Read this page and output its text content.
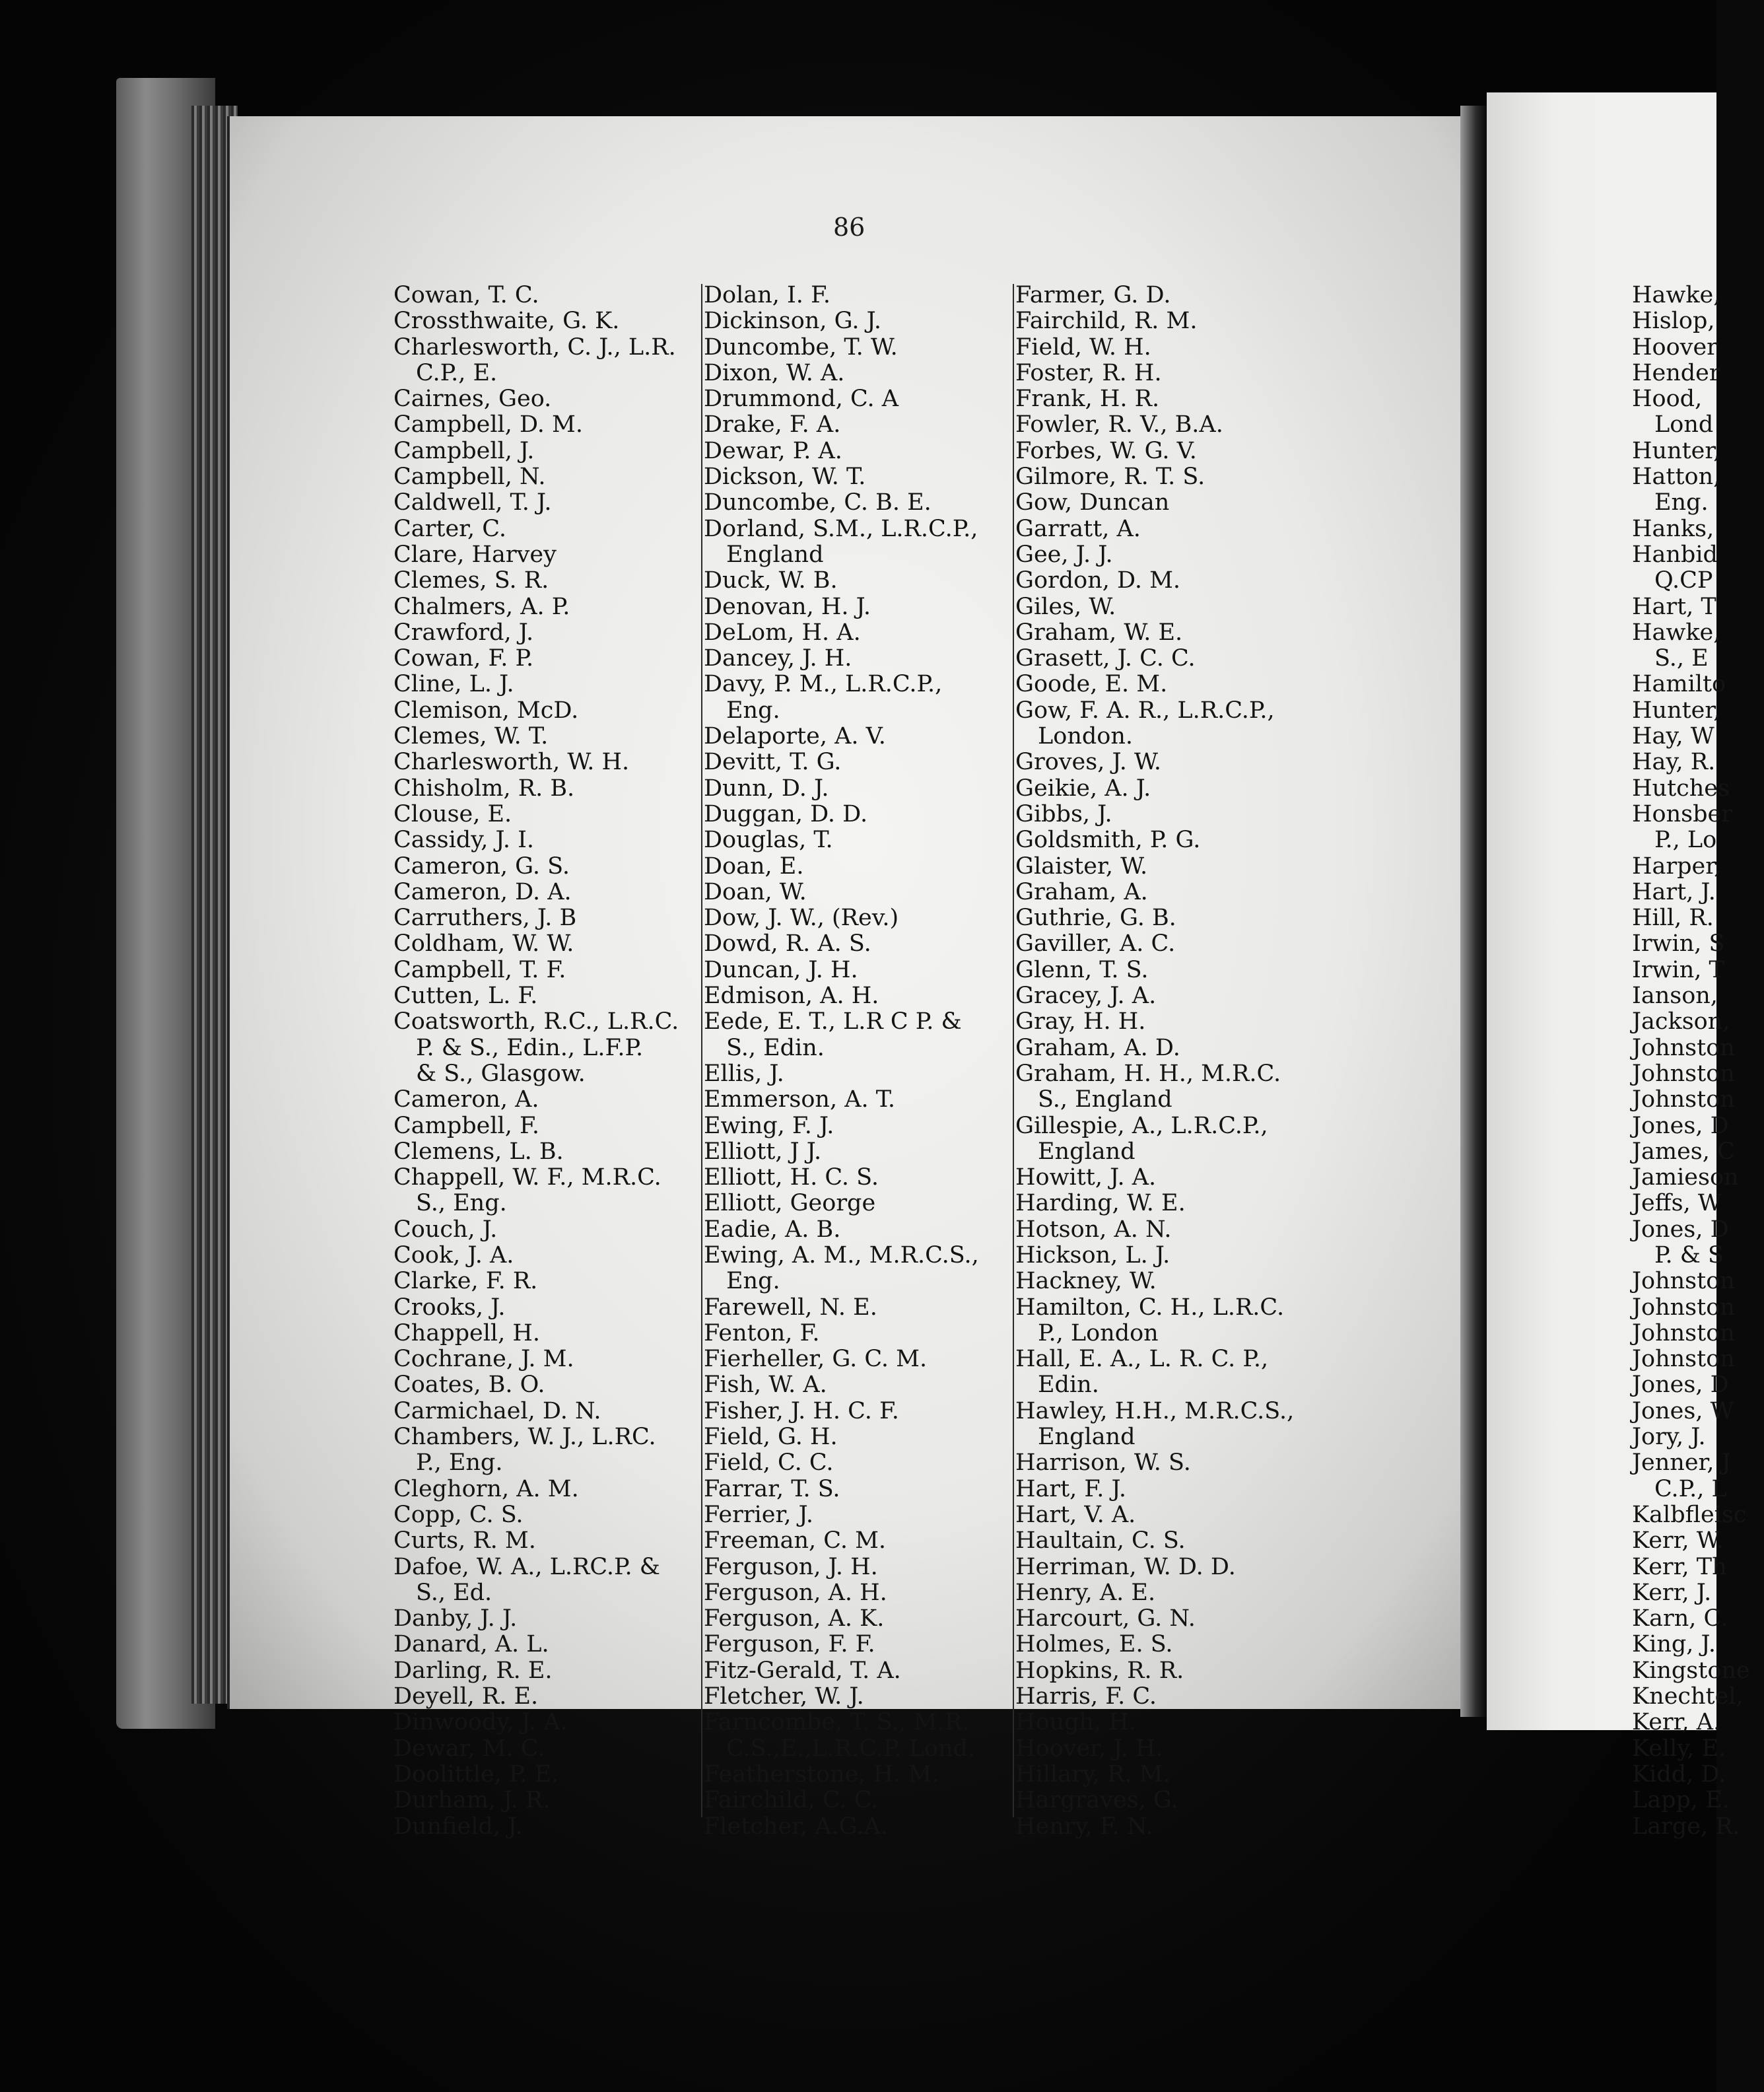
86
Cowan, T. C.
Crossthwaite, G. K.
Charlesworth, C. J., L.R.
C.P., E.
Cairnes, Geo.
Campbell, D. M.
Campbell, J.
Campbell, N.
Caldwell, T. J.
Carter, C.
Clare, Harvey
Clemes, S. R.
Chalmers, A. P.
Crawford, J.
Cowan, F. P.
Cline, L. J.
Clemison, McD.
Clemes, W. T.
Charlesworth, W. H.
Chisholm, R. B.
Clouse, E.
Cassidy, J. I.
Cameron, G. S.
Cameron, D. A.
Carruthers, J. B
Coldham, W. W.
Campbell, T. F.
Cutten, L. F.
Coatsworth, R.C., L.R.C.
P. & S., Edin., L.F.P.
& S., Glasgow.
Cameron, A.
Campbell, F.
Clemens, L. B.
Chappell, W. F., M.R.C.
S., Eng.
Couch, J.
Cook, J. A.
Clarke, F. R.
Crooks, J.
Chappell, H.
Cochrane, J. M.
Coates, B. O.
Carmichael, D. N.
Chambers, W. J., L.RC.
P., Eng.
Cleghorn, A. M.
Copp, C. S.
Curts, R. M.
Dafoe, W. A., L.RC.P. &
S., Ed.
Danby, J. J.
Danard, A. L.
Darling, R. E.
Deyell, R. E.
Dinwoody, J. A.
Dewar, M. C.
Doolittle, P. E.
Durham, J. R.
Dunfield, J.
Dolan, I. F.
Dickinson, G. J.
Duncombe, T. W.
Dixon, W. A.
Drummond, C. A
Drake, F. A.
Dewar, P. A.
Dickson, W. T.
Duncombe, C. B. E.
Dorland, S.M., L.R.C.P.,
England
Duck, W. B.
Denovan, H. J.
DeLom, H. A.
Dancey, J. H.
Davy, P. M., L.R.C.P.,
Eng.
Delaporte, A. V.
Devitt, T. G.
Dunn, D. J.
Duggan, D. D.
Douglas, T.
Doan, E.
Doan, W.
Dow, J. W., (Rev.)
Dowd, R. A. S.
Duncan, J. H.
Edmison, A. H.
Eede, E. T., L.R C P. &
S., Edin.
Ellis, J.
Emmerson, A. T.
Ewing, F. J.
Elliott, J J.
Elliott, H. C. S.
Elliott, George
Eadie, A. B.
Ewing, A. M., M.R.C.S.,
Eng.
Farewell, N. E.
Fenton, F.
Fierheller, G. C. M.
Fish, W. A.
Fisher, J. H. C. F.
Field, G. H.
Field, C. C.
Farrar, T. S.
Ferrier, J.
Freeman, C. M.
Ferguson, J. H.
Ferguson, A. H.
Ferguson, A. K.
Ferguson, F. F.
Fitz-Gerald, T. A.
Fletcher, W. J.
Farncombe, T. S., M.R.
C.S.,E.,L.R.C.P. Lond.
Featherstone, H. M.
Fairchild, C. C.
Fletcher, A.G.A.
Farmer, G. D.
Fairchild, R. M.
Field, W. H.
Foster, R. H.
Frank, H. R.
Fowler, R. V., B.A.
Forbes, W. G. V.
Gilmore, R. T. S.
Gow, Duncan
Garratt, A.
Gee, J. J.
Gordon, D. M.
Giles, W.
Graham, W. E.
Grasett, J. C. C.
Goode, E. M.
Gow, F. A. R., L.R.C.P.,
London.
Groves, J. W.
Geikie, A. J.
Gibbs, J.
Goldsmith, P. G.
Glaister, W.
Graham, A.
Guthrie, G. B.
Gaviller, A. C.
Glenn, T. S.
Gracey, J. A.
Gray, H. H.
Graham, A. D.
Graham, H. H., M.R.C.
S., England
Gillespie, A., L.R.C.P.,
England
Howitt, J. A.
Harding, W. E.
Hotson, A. N.
Hickson, L. J.
Hackney, W.
Hamilton, C. H., L.R.C.
P., London
Hall, E. A., L. R. C. P.,
Edin.
Hawley, H.H., M.R.C.S.,
England
Harrison, W. S.
Hart, F. J.
Hart, V. A.
Haultain, C. S.
Herriman, W. D. D.
Henry, A. E.
Harcourt, G. N.
Holmes, E. S.
Hopkins, R. R.
Harris, F. C.
Hough, H.
Hoover, J. H.
Hillary, R. M.
Hargraves, G.
Henry, F. N.
Hawke,
Hislop,
Hoover
Hender
Hood,
Lond
Hunter,
Hatton,
Eng.
Hanks,
Hanbid
Q.CP
Hart, T
Hawke,
S., E
Hamilto
Hunter,
Hay, W
Hay, R.
Hutches
Honsber
P., Lo
Harper,
Hart, J.
Hill, R.
Irwin, S
Irwin, T
Ianson,
Jackson,
Johnston
Johnston
Johnston
Jones, D
James, C
Jamieson
Jeffs, W
Jones, D
P. & S
Johnston
Johnston
Johnston
Johnston
Jones, D
Jones, W
Jory, J.
Jenner, J
C.P., L
Kalbfleisc
Kerr, W.
Kerr, Th
Kerr, J.
Karn, C.
King, J.
Kingstone
Knechtel,
Kerr, A.
Kelly, E.
Kidd, D.
Lapp, E.
Large, R.
